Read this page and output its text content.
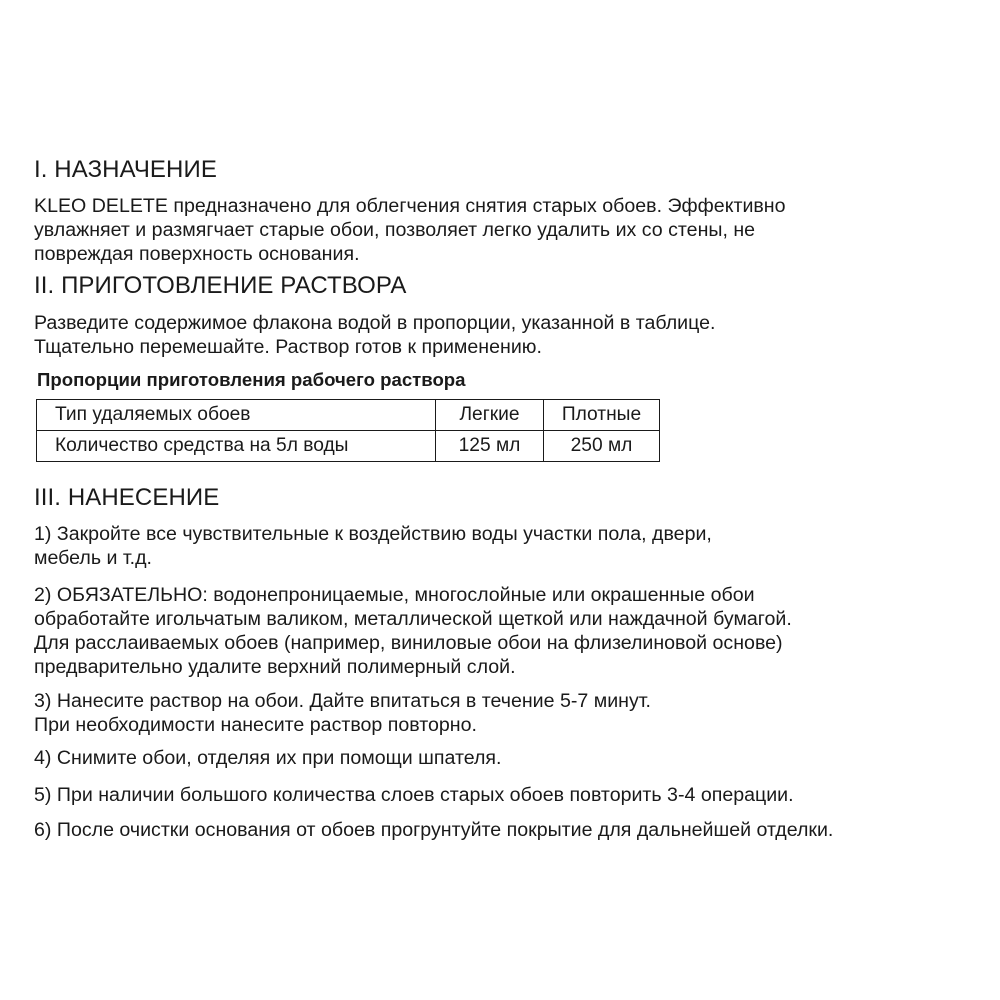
I. НАЗНАЧЕНИЕ
KLEO DELETE предназначено для облегчения снятия старых обоев. Эффективно
увлажняет и размягчает старые обои, позволяет легко удалить их со стены, не
повреждая поверхность основания.
II. ПРИГОТОВЛЕНИЕ РАСТВОРА
Разведите содержимое флакона водой в пропорции, указанной в таблице.
Тщательно перемешайте. Раствор готов к применению.
Пропорции приготовления рабочего раствора
Тип удаляемых обоев	Легкие	Плотные
Количество средства на 5л воды	125 мл	250 мл
III. НАНЕСЕНИЕ
1) Закройте все чувствительные к воздействию воды участки пола, двери,
мебель и т.д.
2) ОБЯЗАТЕЛЬНО: водонепроницаемые, многослойные или окрашенные обои
обработайте игольчатым валиком, металлической щеткой или наждачной бумагой.
Для расслаиваемых обоев (например, виниловые обои на флизелиновой основе)
предварительно удалите верхний полимерный слой.
3) Нанесите раствор на обои. Дайте впитаться в течение 5-7 минут.
При необходимости нанесите раствор повторно.
4) Снимите обои, отделяя их при помощи шпателя.
5) При наличии большого количества слоев старых обоев повторить 3-4 операции.
6) После очистки основания от обоев прогрунтуйте покрытие для дальнейшей отделки.
